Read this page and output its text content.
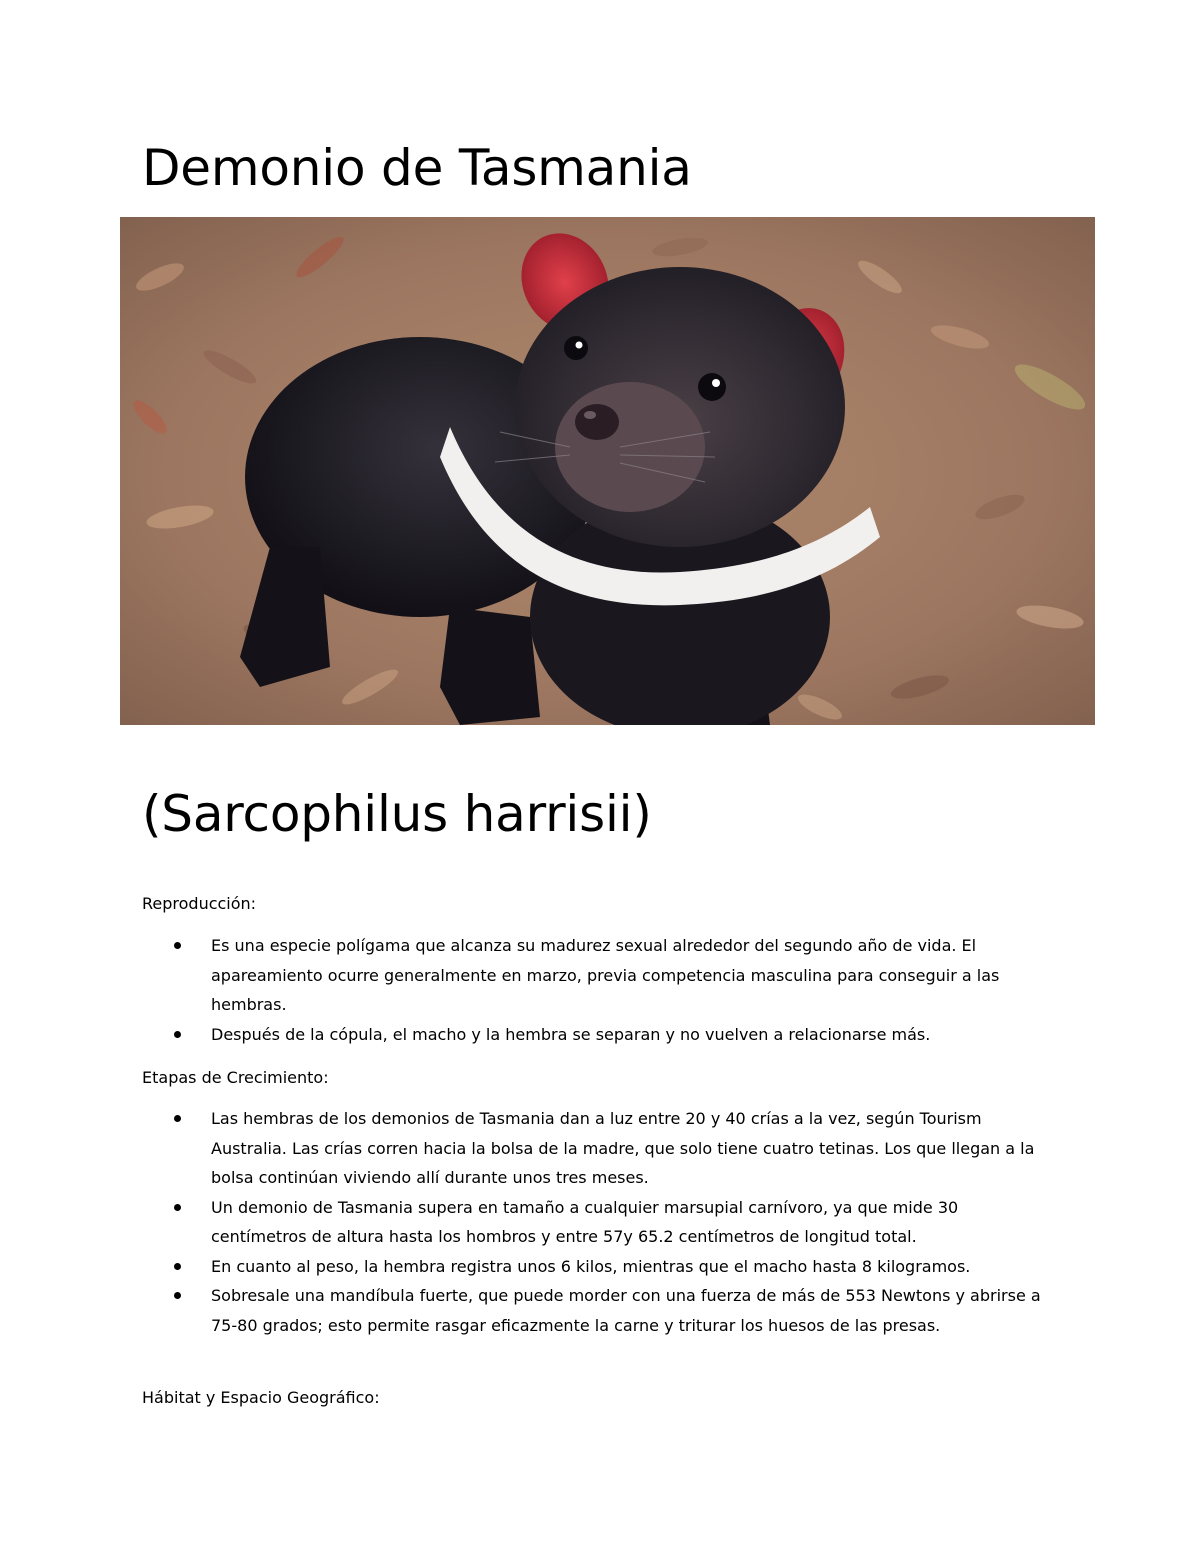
Demonio de Tasmania
(Sarcophilus harrisii)

Reproducción:

Es una especie polígama que alcanza su madurez sexual alrededor del segundo año de vida. El apareamiento ocurre generalmente en marzo, previa competencia masculina para conseguir a las hembras.
Después de la cópula, el macho y la hembra se separan y no vuelven a relacionarse más.

Etapas de Crecimiento:

Las hembras de los demonios de Tasmania dan a luz entre 20 y 40 crías a la vez, según Tourism Australia. Las crías corren hacia la bolsa de la madre, que solo tiene cuatro tetinas. Los que llegan a la bolsa continúan viviendo allí durante unos tres meses.
Un demonio de Tasmania supera en tamaño a cualquier marsupial carnívoro, ya que mide 30 centímetros de altura hasta los hombros y entre 57y 65.2 centímetros de longitud total.
En cuanto al peso, la hembra registra unos 6 kilos, mientras que el macho hasta 8 kilogramos.
Sobresale una mandíbula fuerte, que puede morder con una fuerza de más de 553 Newtons y abrirse a 75-80 grados; esto permite rasgar eficazmente la carne y triturar los huesos de las presas.

Hábitat y Espacio Geográfico:
